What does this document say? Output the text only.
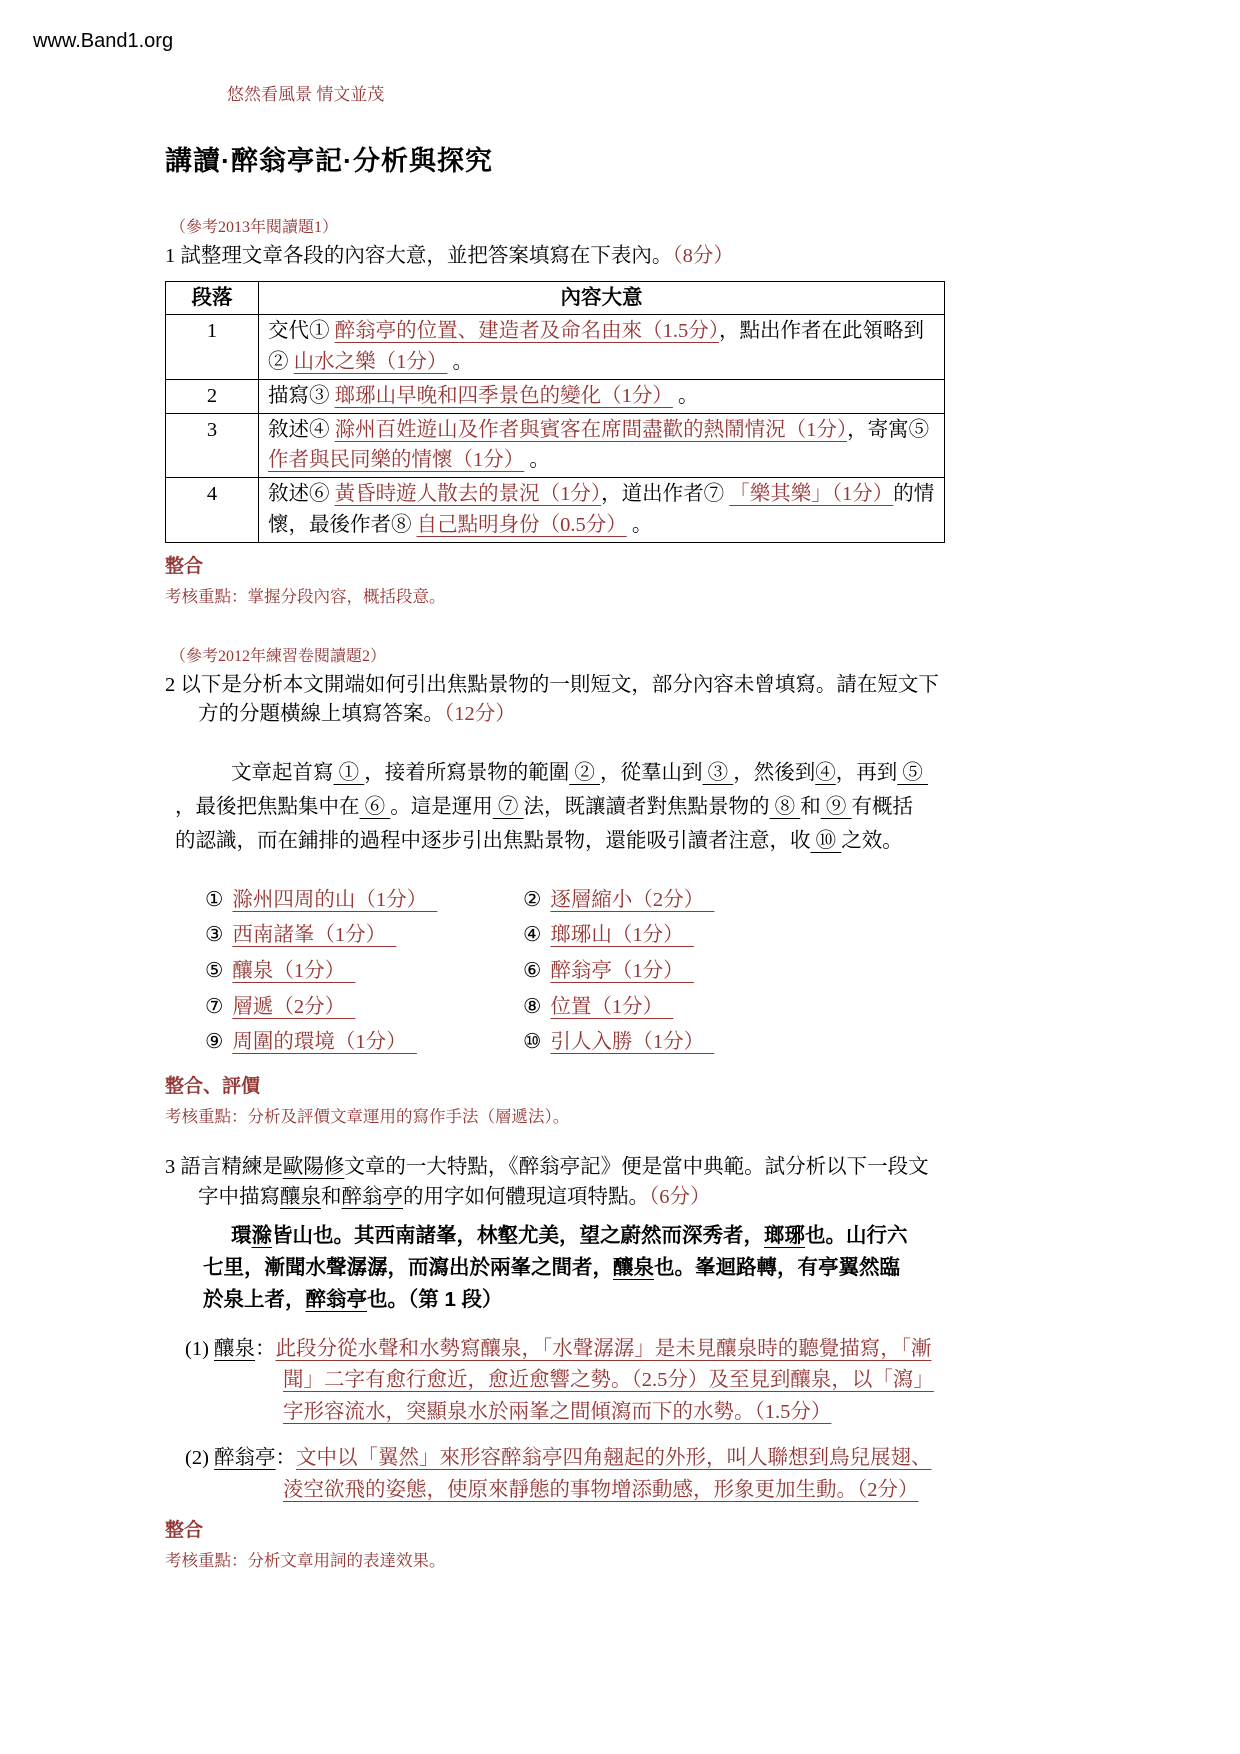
www.Band1.org
悠然看風景 情文並茂
講讀·醉翁亭記·分析與探究
（參考2013年閱讀題1）
1 試整理文章各段的內容大意，並把答案填寫在下表內。（8分）
段落	內容大意
1	交代① 醉翁亭的位置、建造者及命名由來（1.5分），點出作者在此領略到② 山水之樂（1分） 。
2	描寫③ 瑯琊山早晚和四季景色的變化（1分） 。
3	敘述④ 滁州百姓遊山及作者與賓客在席間盡歡的熱鬧情況（1分），寄寓⑤ 作者與民同樂的情懷（1分） 。
4	敘述⑥ 黃昏時遊人散去的景況（1分），道出作者⑦ 「樂其樂」（1分）的情懷，最後作者⑧ 自己點明身份（0.5分） 。
整合
考核重點：掌握分段內容，概括段意。
（參考2012年練習卷閱讀題2）
2 以下是分析本文開端如何引出焦點景物的一則短文，部分內容未曾填寫。請在短文下方的分題橫線上填寫答案。（12分）
文章起首寫 ① ，接着所寫景物的範圍 ② ，從羣山到 ③ ，然後到④，再到 ⑤ ，最後把焦點集中在 ⑥ 。這是運用 ⑦ 法，既讓讀者對焦點景物的 ⑧ 和 ⑨ 有概括的認識，而在鋪排的過程中逐步引出焦點景物，還能吸引讀者注意，收 ⑩ 之效。
① 滁州四周的山（1分）	② 逐層縮小（2分）
③ 西南諸峯（1分）	④ 瑯琊山（1分）
⑤ 釀泉（1分）	⑥ 醉翁亭（1分）
⑦ 層遞（2分）	⑧ 位置（1分）
⑨ 周圍的環境（1分）	⑩ 引人入勝（1分）
整合、評價
考核重點：分析及評價文章運用的寫作手法（層遞法）。
3 語言精練是歐陽修文章的一大特點，《醉翁亭記》便是當中典範。試分析以下一段文字中描寫釀泉和醉翁亭的用字如何體現這項特點。（6分）
環滁皆山也。其西南諸峯，林壑尤美，望之蔚然而深秀者，瑯琊也。山行六七里，漸聞水聲潺潺，而瀉出於兩峯之間者，釀泉也。峯迴路轉，有亭翼然臨於泉上者，醉翁亭也。（第 1 段）
(1) 釀泉：此段分從水聲和水勢寫釀泉，「水聲潺潺」是未見釀泉時的聽覺描寫，「漸聞」二字有愈行愈近，愈近愈響之勢。（2.5分）及至見到釀泉，以「瀉」字形容流水，突顯泉水於兩峯之間傾瀉而下的水勢。（1.5分）
(2) 醉翁亭：文中以「翼然」來形容醉翁亭四角翹起的外形，叫人聯想到鳥兒展翅、淩空欲飛的姿態，使原來靜態的事物增添動感，形象更加生動。（2分）
整合
考核重點：分析文章用詞的表達效果。
